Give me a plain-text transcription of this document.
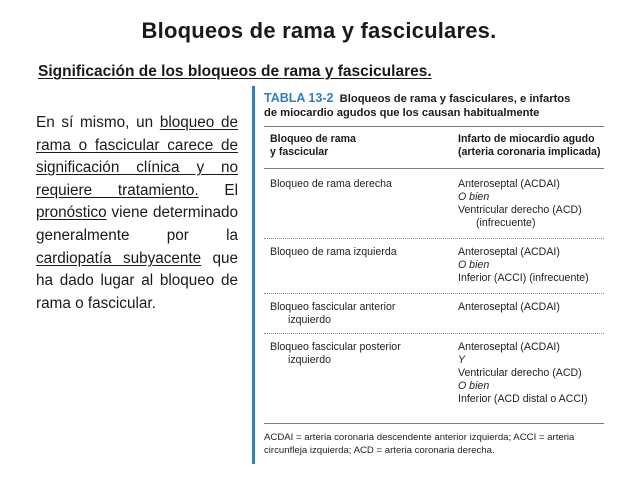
Bloqueos de rama y fasciculares.
Significación de los bloqueos de rama y fasciculares.
En sí mismo, un bloqueo de rama o fascicular carece de significación clínica y no requiere tratamiento. El pronóstico viene determinado generalmente por la cardiopatía subyacente que ha dado lugar al bloqueo de rama o fascicular.
TABLA 13-2 Bloqueos de rama y fasciculares, e infartos
de miocardio agudos que los causan habitualmente
Bloqueo de rama
y fascicular
Infarto de miocardio agudo
(arteria coronaria implicada)
Bloqueo de rama derecha	Anteroseptal (ACDAI)
O bien
Ventricular derecho (ACD)
(infrecuente)
Bloqueo de rama izquierda	Anteroseptal (ACDAI)
O bien
Inferior (ACCI) (infrecuente)
Bloqueo fascicular anterior
izquierdo
Anteroseptal (ACDAI)
Bloqueo fascicular posterior
izquierdo
Anteroseptal (ACDAI)
Y
Ventricular derecho (ACD)
O bien
Inferior (ACD distal o ACCI)
ACDAI = arteria coronaria descendente anterior izquierda; ACCI = arteria
circunfleja izquierda; ACD = arteria coronaria derecha.
